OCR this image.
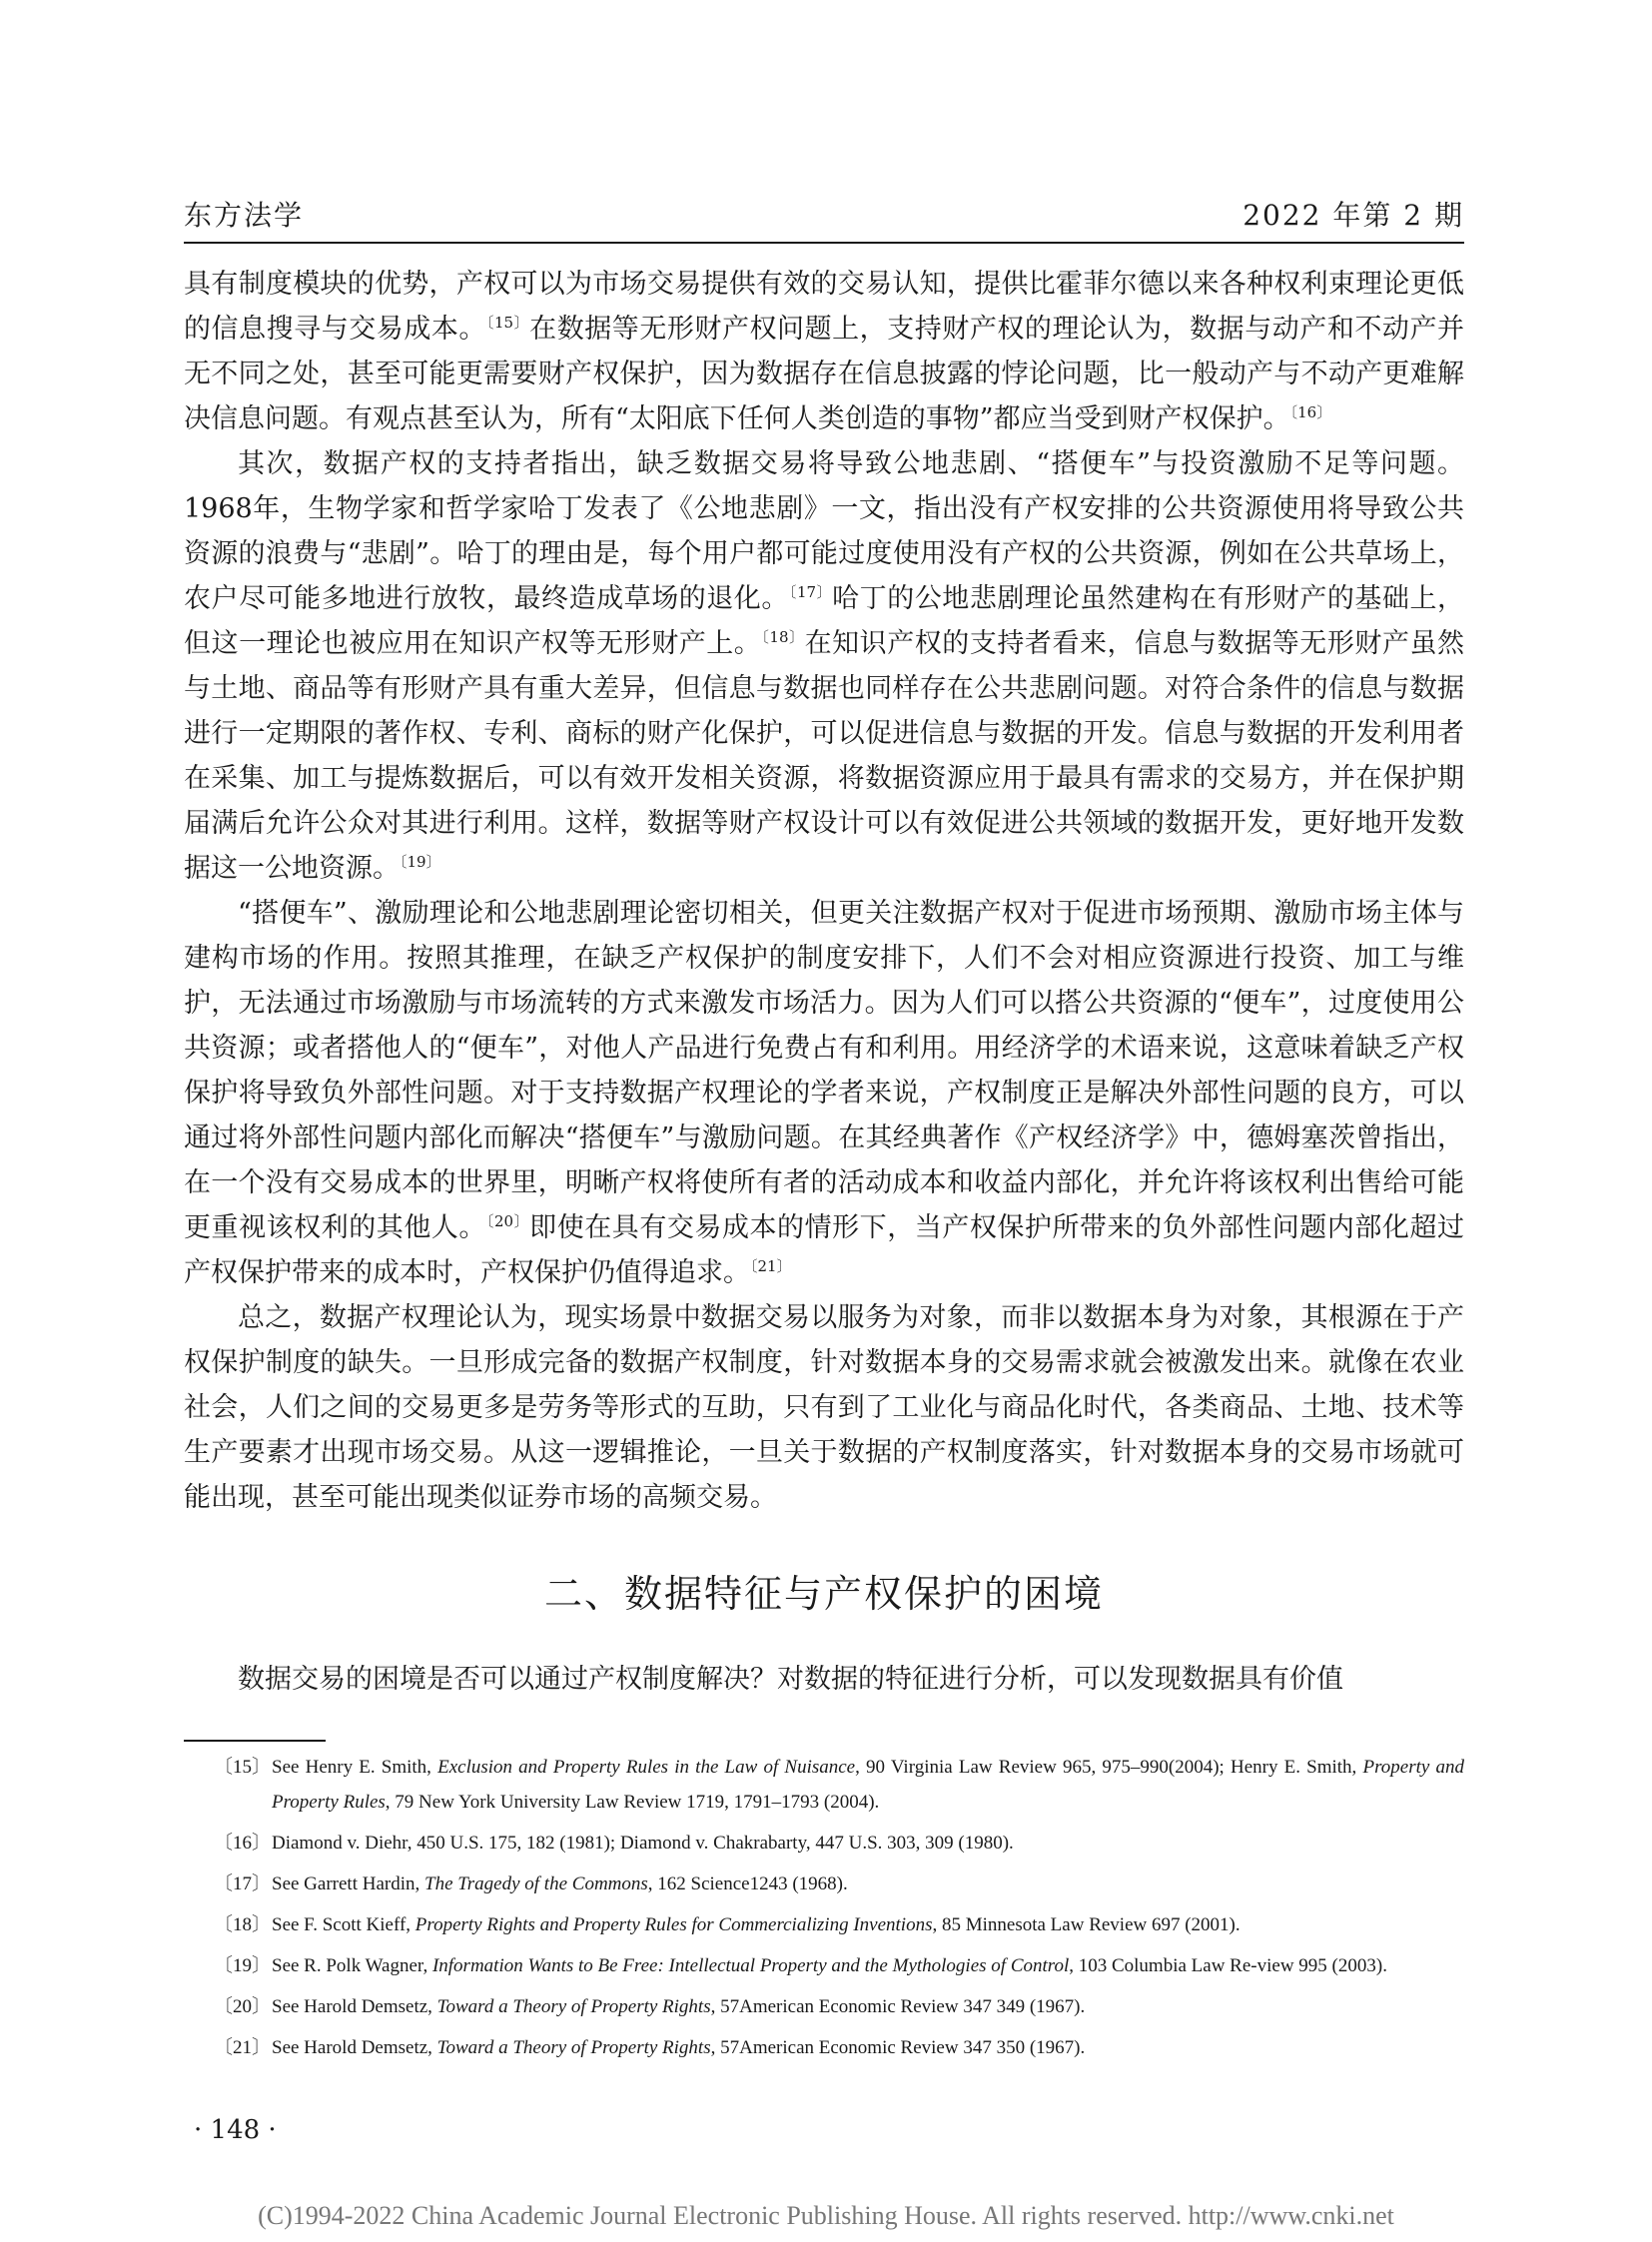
东方法学	2022 年第 2 期

具有制度模块的优势，产权可以为市场交易提供有效的交易认知，提供比霍菲尔德以来各种权利束理论更低的信息搜寻与交易成本。$^{〔15〕}$在数据等无形财产权问题上，支持财产权的理论认为，数据与动产和不动产并无不同之处，甚至可能更需要财产权保护，因为数据存在信息披露的悖论问题，比一般动产与不动产更难解决信息问题。有观点甚至认为，所有“太阳底下任何人类创造的事物”都应当受到财产权保护。$^{〔16〕}$

其次，数据产权的支持者指出，缺乏数据交易将导致公地悲剧、“搭便车”与投资激励不足等问题。1968年，生物学家和哲学家哈丁发表了《公地悲剧》一文，指出没有产权安排的公共资源使用将导致公共资源的浪费与“悲剧”。哈丁的理由是，每个用户都可能过度使用没有产权的公共资源，例如在公共草场上，农户尽可能多地进行放牧，最终造成草场的退化。$^{〔17〕}$哈丁的公地悲剧理论虽然建构在有形财产的基础上，但这一理论也被应用在知识产权等无形财产上。$^{〔18〕}$在知识产权的支持者看来，信息与数据等无形财产虽然与土地、商品等有形财产具有重大差异，但信息与数据也同样存在公共悲剧问题。对符合条件的信息与数据进行一定期限的著作权、专利、商标的财产化保护，可以促进信息与数据的开发。信息与数据的开发利用者在采集、加工与提炼数据后，可以有效开发相关资源，将数据资源应用于最具有需求的交易方，并在保护期届满后允许公众对其进行利用。这样，数据等财产权设计可以有效促进公共领域的数据开发，更好地开发数据这一公地资源。$^{〔19〕}$

“搭便车”、激励理论和公地悲剧理论密切相关，但更关注数据产权对于促进市场预期、激励市场主体与建构市场的作用。按照其推理，在缺乏产权保护的制度安排下，人们不会对相应资源进行投资、加工与维护，无法通过市场激励与市场流转的方式来激发市场活力。因为人们可以搭公共资源的“便车”，过度使用公共资源；或者搭他人的“便车”，对他人产品进行免费占有和利用。用经济学的术语来说，这意味着缺乏产权保护将导致负外部性问题。对于支持数据产权理论的学者来说，产权制度正是解决外部性问题的良方，可以通过将外部性问题内部化而解决“搭便车”与激励问题。在其经典著作《产权经济学》中，德姆塞茨曾指出，在一个没有交易成本的世界里，明晰产权将使所有者的活动成本和收益内部化，并允许将该权利出售给可能更重视该权利的其他人。$^{〔20〕}$即使在具有交易成本的情形下，当产权保护所带来的负外部性问题内部化超过产权保护带来的成本时，产权保护仍值得追求。$^{〔21〕}$

总之，数据产权理论认为，现实场景中数据交易以服务为对象，而非以数据本身为对象，其根源在于产权保护制度的缺失。一旦形成完备的数据产权制度，针对数据本身的交易需求就会被激发出来。就像在农业社会，人们之间的交易更多是劳务等形式的互助，只有到了工业化与商品化时代，各类商品、土地、技术等生产要素才出现市场交易。从这一逻辑推论，一旦关于数据的产权制度落实，针对数据本身的交易市场就可能出现，甚至可能出现类似证券市场的高频交易。

二、数据特征与产权保护的困境

数据交易的困境是否可以通过产权制度解决？对数据的特征进行分析，可以发现数据具有价值

〔15〕 See Henry E. Smith, Exclusion and Property Rules in the Law of Nuisance, 90 Virginia Law Review 965, 975–990(2004); Henry E. Smith, Property and Property Rules, 79 New York University Law Review 1719, 1791–1793 (2004).
〔16〕 Diamond v. Diehr, 450 U.S. 175, 182 (1981); Diamond v. Chakrabarty, 447 U.S. 303, 309 (1980).
〔17〕 See Garrett Hardin, The Tragedy of the Commons, 162 Science1243 (1968).
〔18〕 See F. Scott Kieff, Property Rights and Property Rules for Commercializing Inventions, 85 Minnesota Law Review 697 (2001).
〔19〕 See R. Polk Wagner, Information Wants to Be Free: Intellectual Property and the Mythologies of Control, 103 Columbia Law Re-view 995 (2003).
〔20〕 See Harold Demsetz, Toward a Theory of Property Rights, 57American Economic Review 347 349 (1967).
〔21〕 See Harold Demsetz, Toward a Theory of Property Rights, 57American Economic Review 347 350 (1967).
· 148 ·
(C)1994-2022 China Academic Journal Electronic Publishing House. All rights reserved. http://www.cnki.net
